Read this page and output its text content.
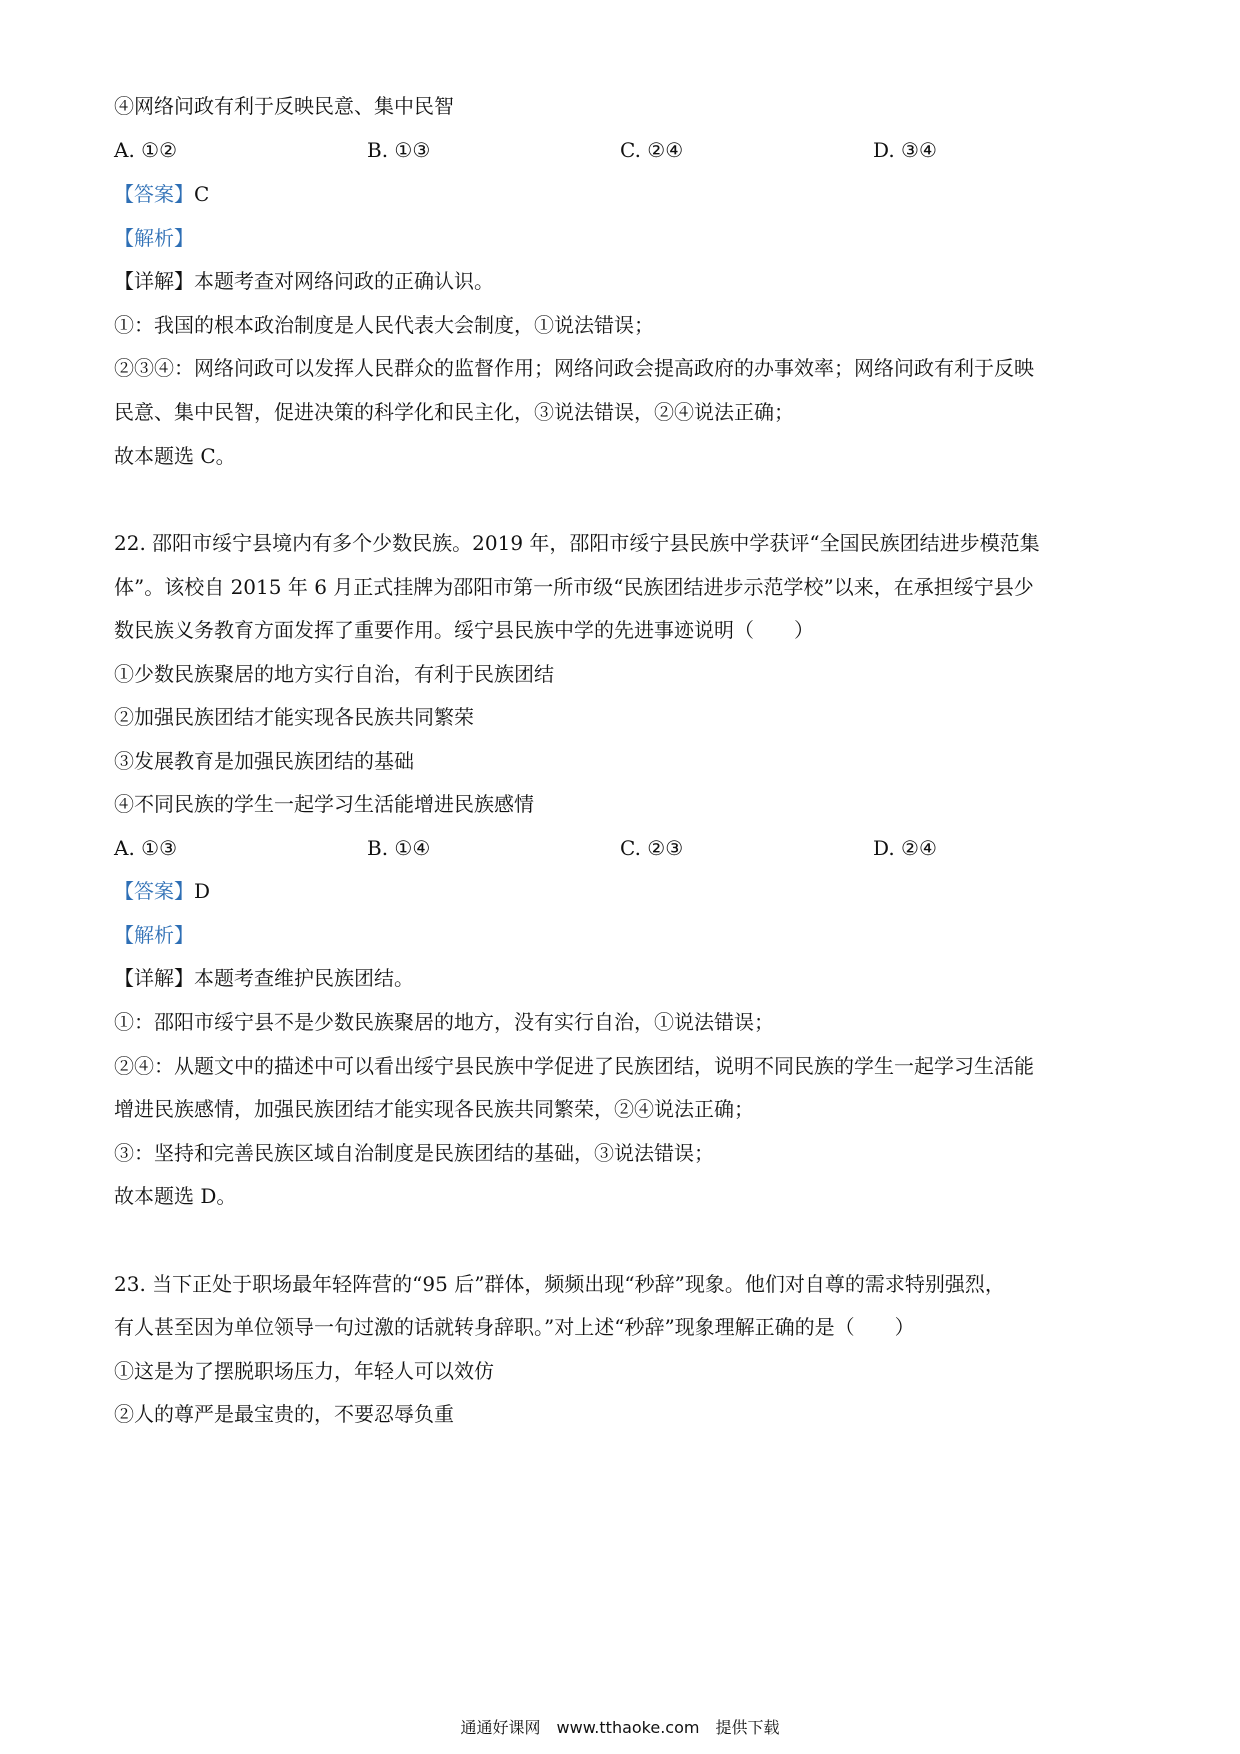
④网络问政有利于反映民意、集中民智
A. ①②	B. ①③	C. ②④	D. ③④
【答案】C
【解析】
【详解】本题考查对网络问政的正确认识。
①：我国的根本政治制度是人民代表大会制度，①说法错误；
②③④：网络问政可以发挥人民群众的监督作用；网络问政会提高政府的办事效率；网络问政有利于反映
民意、集中民智，促进决策的科学化和民主化，③说法错误，②④说法正确；
故本题选 C。
22. 邵阳市绥宁县境内有多个少数民族。2019 年，邵阳市绥宁县民族中学获评“全国民族团结进步模范集
体”。该校自 2015 年 6 月正式挂牌为邵阳市第一所市级“民族团结进步示范学校”以来，在承担绥宁县少
数民族义务教育方面发挥了重要作用。绥宁县民族中学的先进事迹说明（　　）
①少数民族聚居的地方实行自治，有利于民族团结
②加强民族团结才能实现各民族共同繁荣
③发展教育是加强民族团结的基础
④不同民族的学生一起学习生活能增进民族感情
A. ①③	B. ①④	C. ②③	D. ②④
【答案】D
【解析】
【详解】本题考查维护民族团结。
①：邵阳市绥宁县不是少数民族聚居的地方，没有实行自治，①说法错误；
②④：从题文中的描述中可以看出绥宁县民族中学促进了民族团结，说明不同民族的学生一起学习生活能
增进民族感情，加强民族团结才能实现各民族共同繁荣，②④说法正确；
③：坚持和完善民族区域自治制度是民族团结的基础，③说法错误；
故本题选 D。
23. 当下正处于职场最年轻阵营的“95 后”群体，频频出现“秒辞”现象。他们对自尊的需求特别强烈，
有人甚至因为单位领导一句过激的话就转身辞职。”对上述“秒辞”现象理解正确的是（　　）
①这是为了摆脱职场压力，年轻人可以效仿
②人的尊严是最宝贵的，不要忍辱负重
通通好课网　www.tthaoke.com　提供下载
